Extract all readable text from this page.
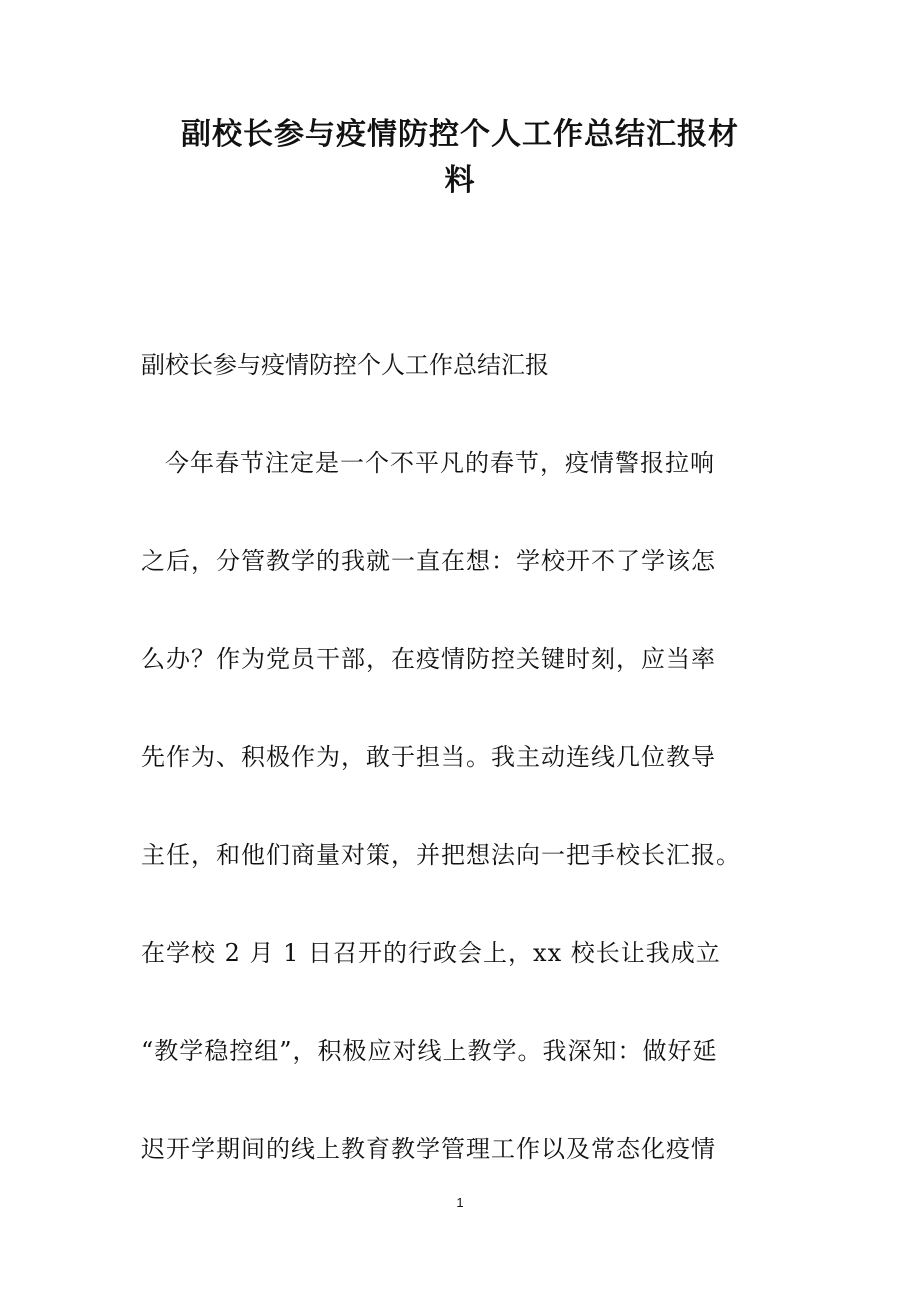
副校长参与疫情防控个人工作总结汇报材
料

副校长参与疫情防控个人工作总结汇报

今年春节注定是一个不平凡的春节，疫情警报拉响
之后，分管教学的我就一直在想：学校开不了学该怎
么办？作为党员干部，在疫情防控关键时刻，应当率
先作为、积极作为，敢于担当。我主动连线几位教导
主任，和他们商量对策，并把想法向一把手校长汇报。
在学校 2 月 1 日召开的行政会上，xx 校长让我成立
“教学稳控组”，积极应对线上教学。我深知：做好延
迟开学期间的线上教育教学管理工作以及常态化疫情
1
